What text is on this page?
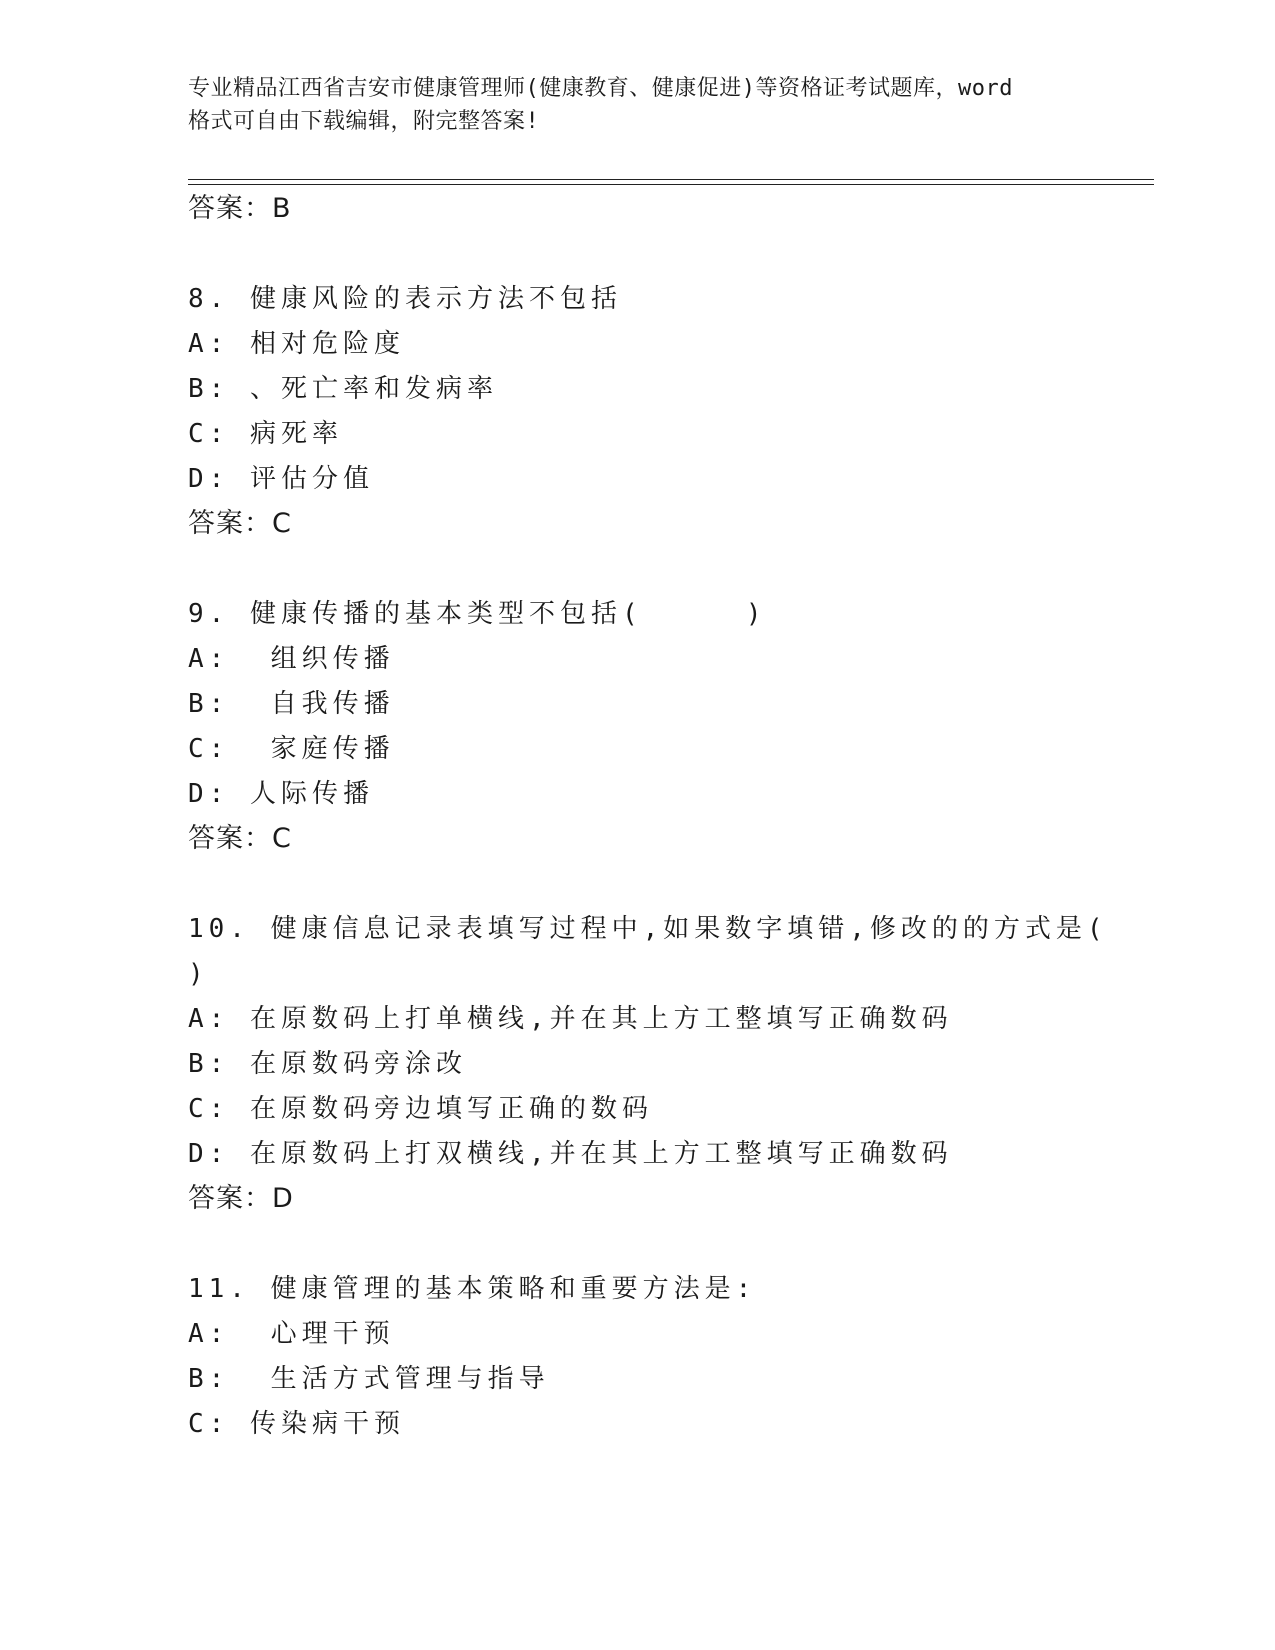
专业精品江西省吉安市健康管理师(健康教育、健康促进)等资格证考试题库，word
格式可自由下载编辑，附完整答案!
答案：B
8. 健康风险的表示方法不包括
A: 相对危险度
B: 、死亡率和发病率
C: 病死率
D: 评估分值
答案：C
9. 健康传播的基本类型不包括(     )
A:  组织传播
B:  自我传播
C:  家庭传播
D: 人际传播
答案：C
10. 健康信息记录表填写过程中,如果数字填错,修改的的方式是(
)
A: 在原数码上打单横线,并在其上方工整填写正确数码
B: 在原数码旁涂改
C: 在原数码旁边填写正确的数码
D: 在原数码上打双横线,并在其上方工整填写正确数码
答案：D
11. 健康管理的基本策略和重要方法是:
A:  心理干预
B:  生活方式管理与指导
C: 传染病干预
